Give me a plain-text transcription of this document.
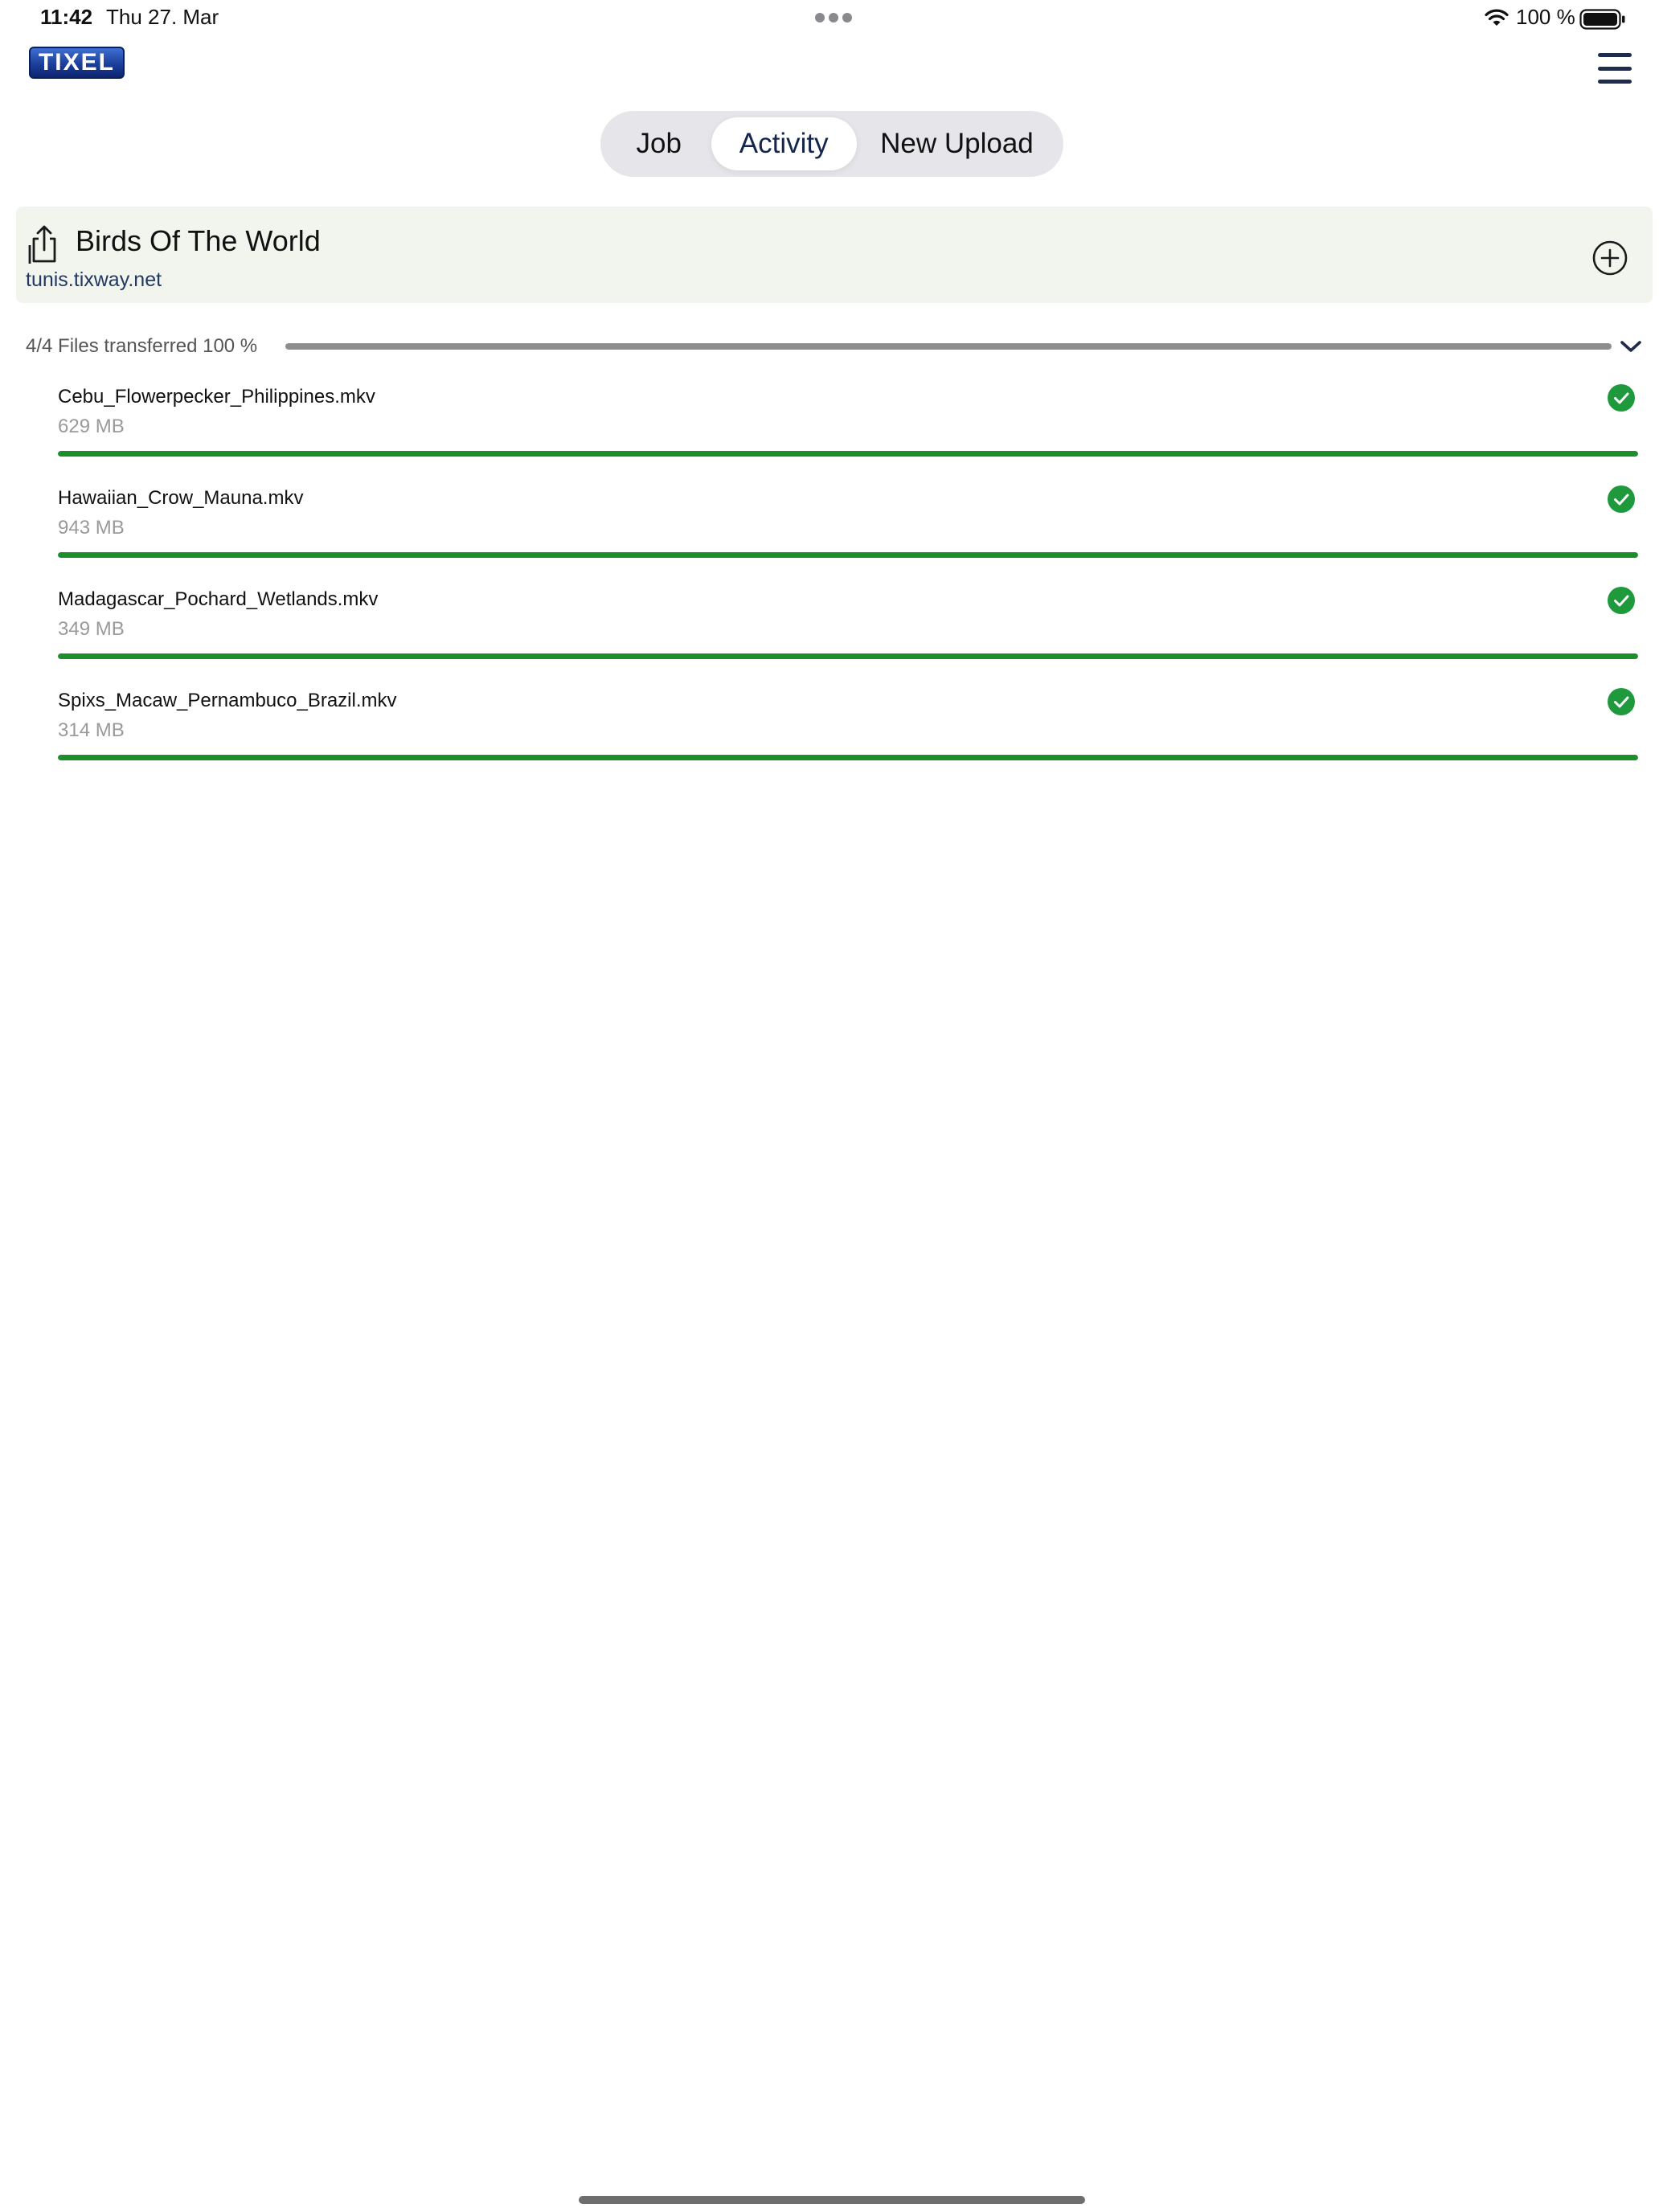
11:42 Thu 27. Mar	100 %
TIXEL
Job	Activity	New Upload
Birds Of The World
tunis.tixway.net
4/4 Files transferred 100 %
Cebu_Flowerpecker_Philippines.mkv
629 MB
Hawaiian_Crow_Mauna.mkv
943 MB
Madagascar_Pochard_Wetlands.mkv
349 MB
Spixs_Macaw_Pernambuco_Brazil.mkv
314 MB
